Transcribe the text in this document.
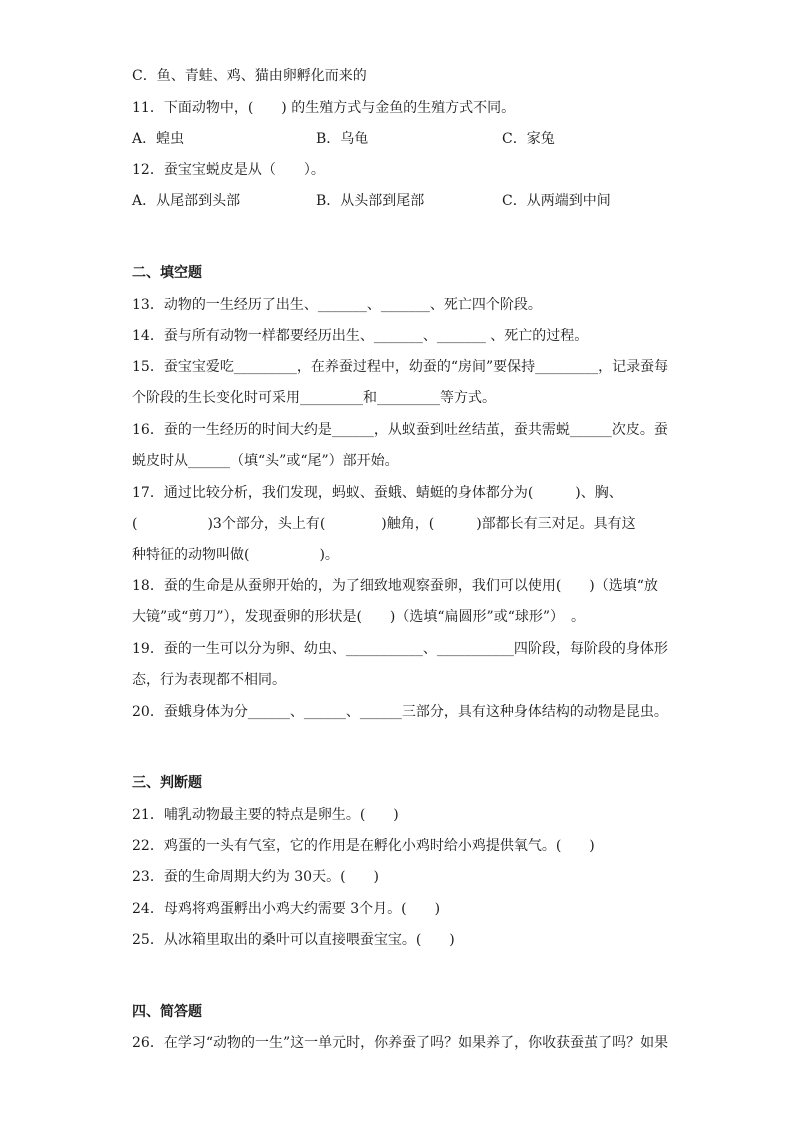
C．鱼、青蛙、鸡、猫由卵孵化而来的
11．下面动物中，(　　) 的生殖方式与金鱼的生殖方式不同。
A．蝗虫	B．乌龟	C．家兔
12．蚕宝宝蜕皮是从（　　）。
A．从尾部到头部	B．从头部到尾部	C．从两端到中间
二、填空题
13．动物的一生经历了出生、_______、_______、死亡四个阶段。
14．蚕与所有动物一样都要经历出生、_______、_______ 、死亡的过程。
15．蚕宝宝爱吃_________，在养蚕过程中，幼蚕的“房间”要保持_________，记录蚕每
个阶段的生长变化时可采用_________和_________等方式。
16．蚕的一生经历的时间大约是______，从蚁蚕到吐丝结茧，蚕共需蜕______次皮。蚕
蜕皮时从______（填“头”或“尾”）部开始。
17．通过比较分析，我们发现，蚂蚁、蚕蛾、蜻蜓的身体都分为(　　　)、胸、
(　　　　　)3个部分，头上有(　　　　)触角，(　　　)部都长有三对足。具有这
种特征的动物叫做(　　　　　)。
18．蚕的生命是从蚕卵开始的，为了细致地观察蚕卵，我们可以使用(　　)（选填“放
大镜”或“剪刀”），发现蚕卵的形状是(　　)（选填“扁圆形”或“球形”）　。
19．蚕的一生可以分为卵、幼虫、___________、___________四阶段，每阶段的身体形
态，行为表现都不相同。
20．蚕蛾身体为分______、______、______三部分，具有这种身体结构的动物是昆虫。
三、判断题
21．哺乳动物最主要的特点是卵生。(　　)
22．鸡蛋的一头有气室，它的作用是在孵化小鸡时给小鸡提供氧气。(　　)
23．蚕的生命周期大约为 30天。(　　)
24．母鸡将鸡蛋孵出小鸡大约需要 3个月。(　　)
25．从冰箱里取出的桑叶可以直接喂蚕宝宝。(　　)
四、简答题
26．在学习“动物的一生”这一单元时，你养蚕了吗？如果养了，你收获蚕茧了吗？如果
